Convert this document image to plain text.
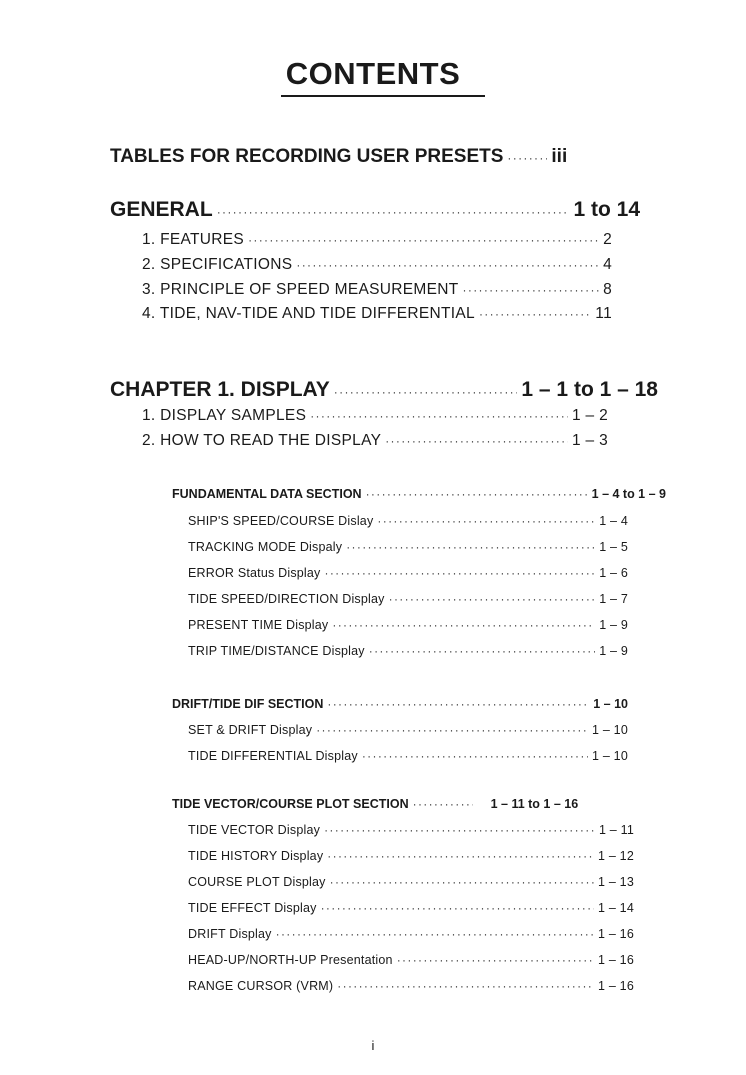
CONTENTS
TABLES FOR RECORDING USER PRESETS · · ·	iii
GENERAL · · ·	1 to 14
1. FEATURES · · ·	2
2. SPECIFICATIONS · · ·	4
3. PRINCIPLE OF SPEED MEASUREMENT · · ·	8
4. TIDE, NAV-TIDE AND TIDE DIFFERENTIAL · · ·	11
CHAPTER 1. DISPLAY · · ·	1 – 1 to 1 – 18
1. DISPLAY SAMPLES · · ·	1 – 2
2. HOW TO READ THE DISPLAY · · ·	1 – 3
FUNDAMENTAL DATA SECTION · · ·	1 – 4 to 1 – 9
SHIP'S SPEED/COURSE Dislay · · ·	1 – 4
TRACKING MODE Dispaly · · ·	1 – 5
ERROR Status Display · · ·	1 – 6
TIDE SPEED/DIRECTION Display · · ·	1 – 7
PRESENT TIME Display · · ·	1 – 9
TRIP TIME/DISTANCE Display · · ·	1 – 9
DRIFT/TIDE DIF SECTION · · ·	1 – 10
SET & DRIFT Display · · ·	1 – 10
TIDE DIFFERENTIAL Display · · ·	1 – 10
TIDE VECTOR/COURSE PLOT SECTION · · ·	1 – 11 to 1 – 16
TIDE VECTOR Display · · ·	1 – 11
TIDE HISTORY Display · · ·	1 – 12
COURSE PLOT Display · · ·	1 – 13
TIDE EFFECT Display · · ·	1 – 14
DRIFT Display · · ·	1 – 16
HEAD-UP/NORTH-UP Presentation · · ·	1 – 16
RANGE CURSOR (VRM) · · ·	1 – 16
i
